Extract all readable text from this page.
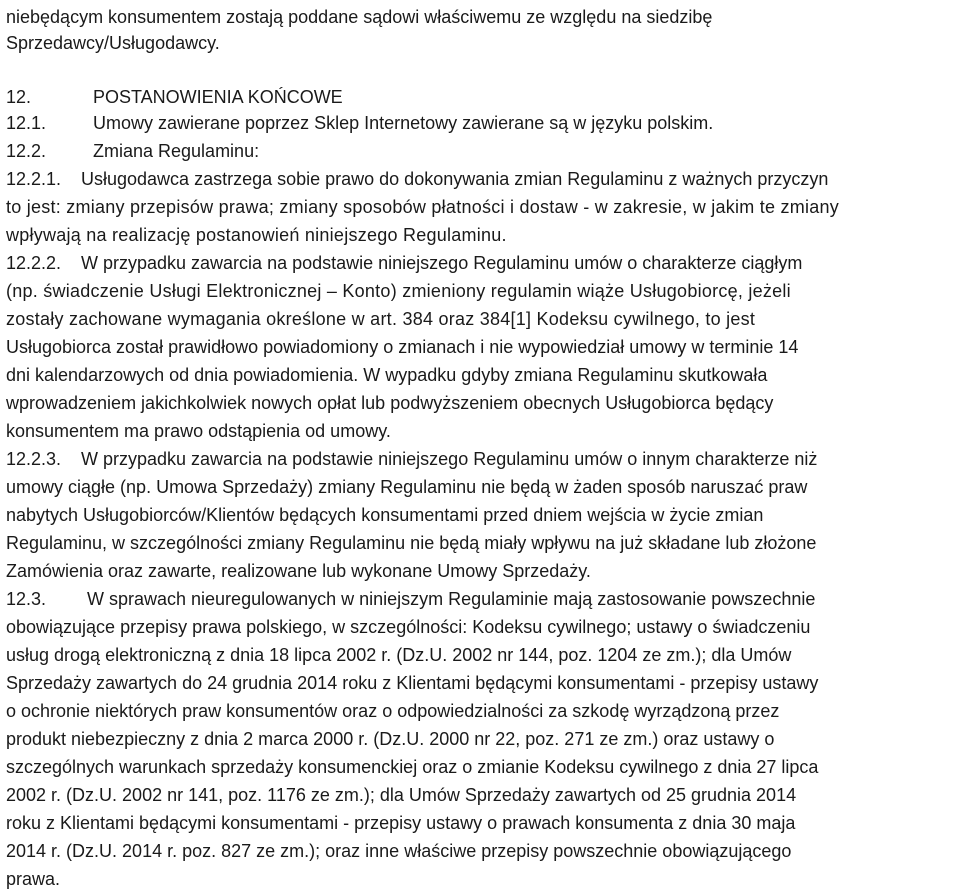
niebędącym konsumentem zostają poddane sądowi właściwemu ze względu na siedzibę
Sprzedawcy/Usługodawcy.
12.	POSTANOWIENIA KOŃCOWE
12.1.	Umowy zawierane poprzez Sklep Internetowy zawierane są w języku polskim.
12.2.	Zmiana Regulaminu:
12.2.1. Usługodawca zastrzega sobie prawo do dokonywania zmian Regulaminu z ważnych przyczyn
to jest: zmiany przepisów prawa; zmiany sposobów płatności i dostaw - w zakresie, w jakim te zmiany
wpływają na realizację postanowień niniejszego Regulaminu.
12.2.2. W przypadku zawarcia na podstawie niniejszego Regulaminu umów o charakterze ciągłym
(np. świadczenie Usługi Elektronicznej – Konto) zmieniony regulamin wiąże Usługobiorcę, jeżeli
zostały zachowane wymagania określone w art. 384 oraz 384[1] Kodeksu cywilnego, to jest
Usługobiorca został prawidłowo powiadomiony o zmianach i nie wypowiedział umowy w terminie 14
dni kalendarzowych od dnia powiadomienia. W wypadku gdyby zmiana Regulaminu skutkowała
wprowadzeniem jakichkolwiek nowych opłat lub podwyższeniem obecnych Usługobiorca będący
konsumentem ma prawo odstąpienia od umowy.
12.2.3. W przypadku zawarcia na podstawie niniejszego Regulaminu umów o innym charakterze niż
umowy ciągłe (np. Umowa Sprzedaży) zmiany Regulaminu nie będą w żaden sposób naruszać praw
nabytych Usługobiorców/Klientów będących konsumentami przed dniem wejścia w życie zmian
Regulaminu, w szczególności zmiany Regulaminu nie będą miały wpływu na już składane lub złożone
Zamówienia oraz zawarte, realizowane lub wykonane Umowy Sprzedaży.
12.3. W sprawach nieuregulowanych w niniejszym Regulaminie mają zastosowanie powszechnie
obowiązujące przepisy prawa polskiego, w szczególności: Kodeksu cywilnego; ustawy o świadczeniu
usług drogą elektroniczną z dnia 18 lipca 2002 r. (Dz.U. 2002 nr 144, poz. 1204 ze zm.); dla Umów
Sprzedaży zawartych do 24 grudnia 2014 roku z Klientami będącymi konsumentami - przepisy ustawy
o ochronie niektórych praw konsumentów oraz o odpowiedzialności za szkodę wyrządzoną przez
produkt niebezpieczny z dnia 2 marca 2000 r. (Dz.U. 2000 nr 22, poz. 271 ze zm.) oraz ustawy o
szczególnych warunkach sprzedaży konsumenckiej oraz o zmianie Kodeksu cywilnego z dnia 27 lipca
2002 r. (Dz.U. 2002 nr 141, poz. 1176 ze zm.); dla Umów Sprzedaży zawartych od 25 grudnia 2014
roku z Klientami będącymi konsumentami - przepisy ustawy o prawach konsumenta z dnia 30 maja
2014 r. (Dz.U. 2014 r. poz. 827 ze zm.); oraz inne właściwe przepisy powszechnie obowiązującego
prawa.
